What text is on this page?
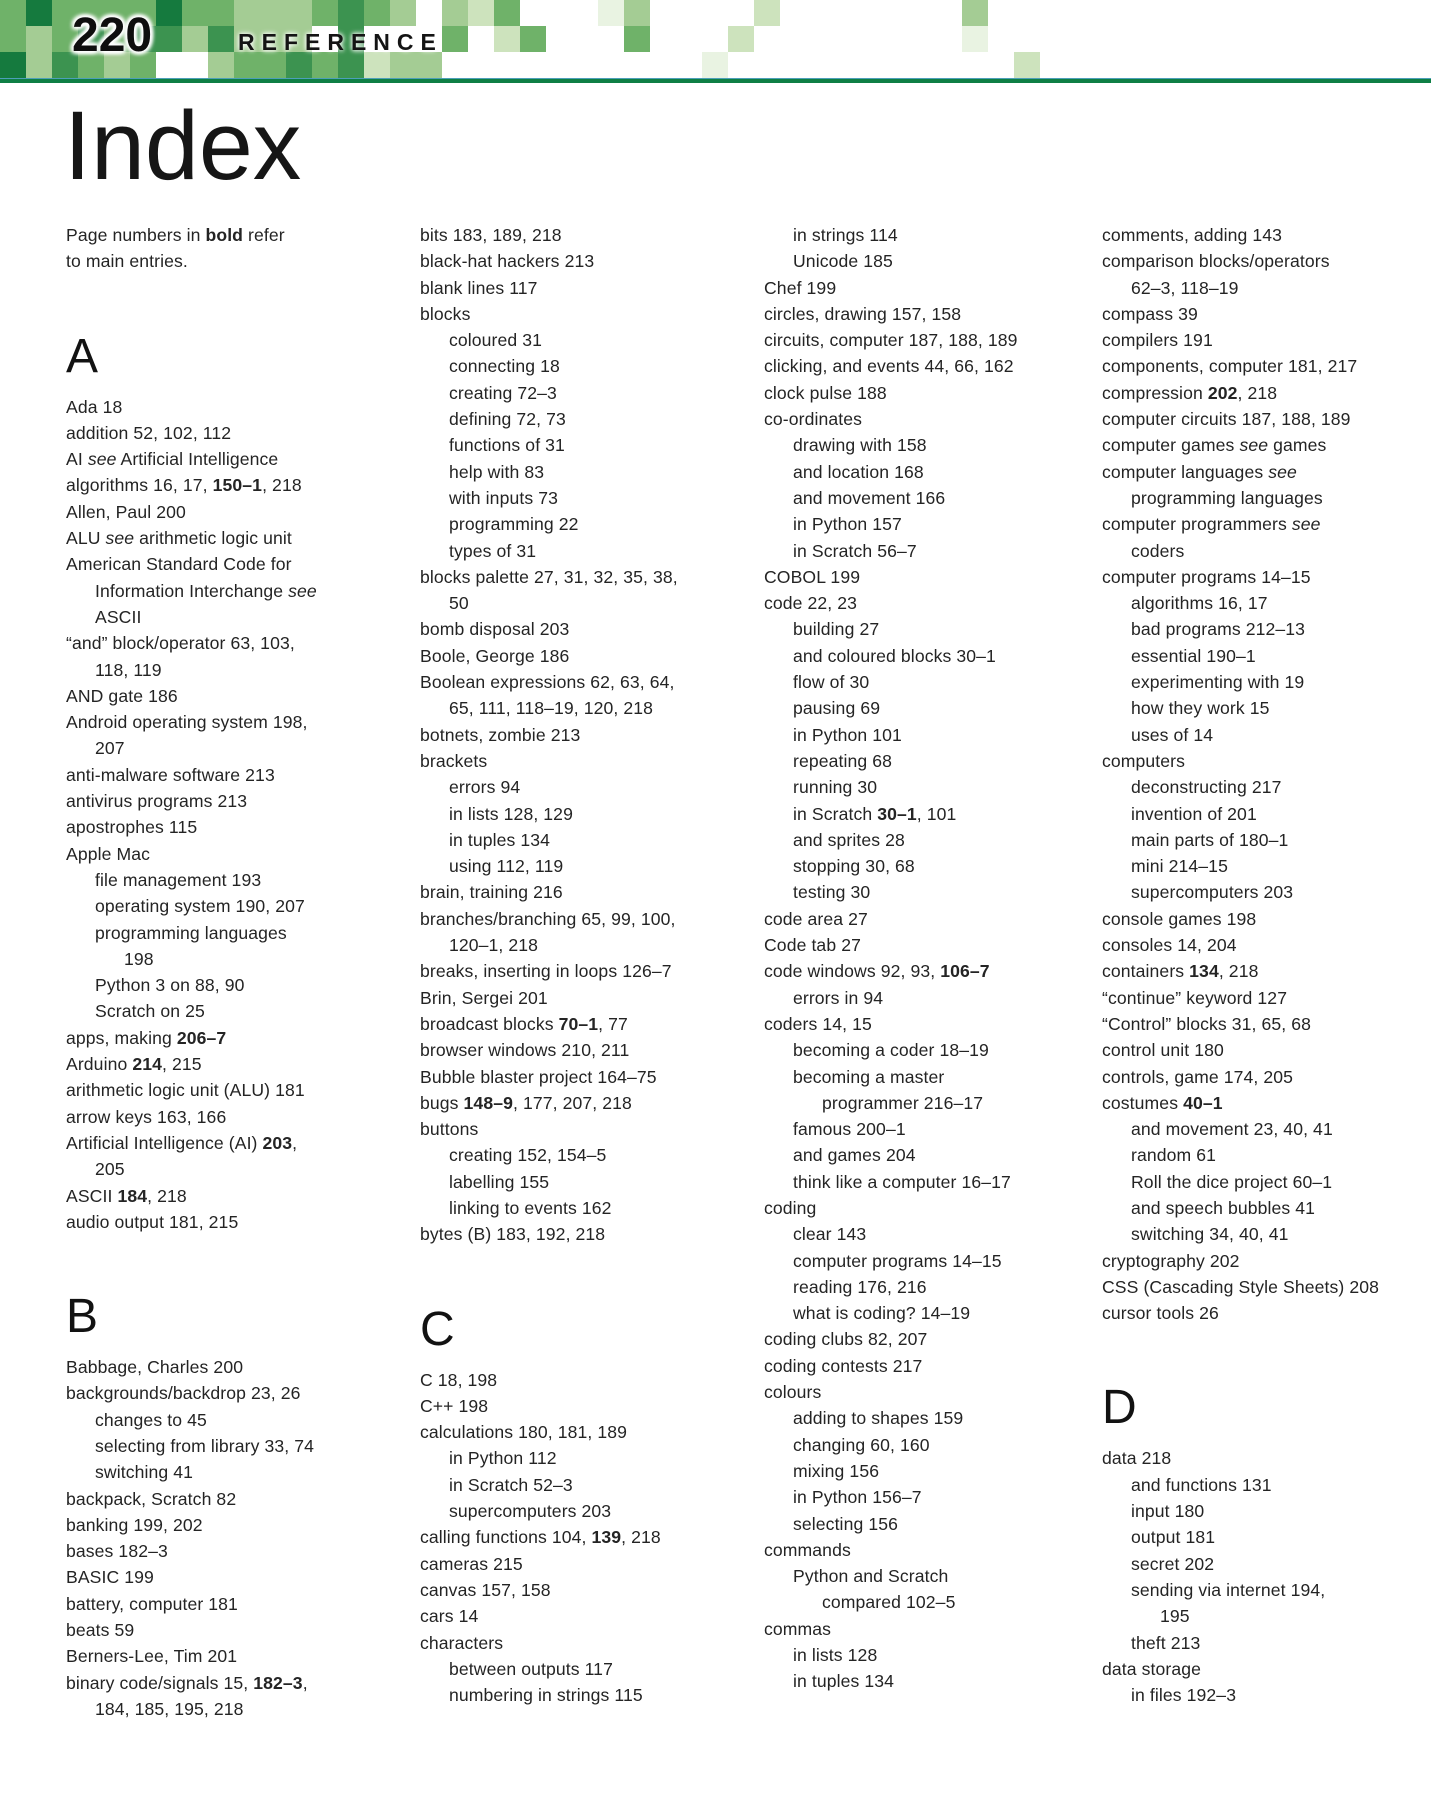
220	REFERENCE
Index
Page numbers in bold refer
to main entries.
A
Ada 18
addition 52, 102, 112
AI see Artificial Intelligence
algorithms 16, 17, 150–1, 218
Allen, Paul 200
ALU see arithmetic logic unit
American Standard Code for
Information Interchange see
ASCII
“and” block/operator 63, 103,
118, 119
AND gate 186
Android operating system 198,
207
anti-malware software 213
antivirus programs 213
apostrophes 115
Apple Mac
file management 193
operating system 190, 207
programming languages
198
Python 3 on 88, 90
Scratch on 25
apps, making 206–7
Arduino 214, 215
arithmetic logic unit (ALU) 181
arrow keys 163, 166
Artificial Intelligence (AI) 203,
205
ASCII 184, 218
audio output 181, 215
B
Babbage, Charles 200
backgrounds/backdrop 23, 26
changes to 45
selecting from library 33, 74
switching 41
backpack, Scratch 82
banking 199, 202
bases 182–3
BASIC 199
battery, computer 181
beats 59
Berners-Lee, Tim 201
binary code/signals 15, 182–3,
184, 185, 195, 218
bits 183, 189, 218
black-hat hackers 213
blank lines 117
blocks
coloured 31
connecting 18
creating 72–3
defining 72, 73
functions of 31
help with 83
with inputs 73
programming 22
types of 31
blocks palette 27, 31, 32, 35, 38,
50
bomb disposal 203
Boole, George 186
Boolean expressions 62, 63, 64,
65, 111, 118–19, 120, 218
botnets, zombie 213
brackets
errors 94
in lists 128, 129
in tuples 134
using 112, 119
brain, training 216
branches/branching 65, 99, 100,
120–1, 218
breaks, inserting in loops 126–7
Brin, Sergei 201
broadcast blocks 70–1, 77
browser windows 210, 211
Bubble blaster project 164–75
bugs 148–9, 177, 207, 218
buttons
creating 152, 154–5
labelling 155
linking to events 162
bytes (B) 183, 192, 218
C
C 18, 198
C++ 198
calculations 180, 181, 189
in Python 112
in Scratch 52–3
supercomputers 203
calling functions 104, 139, 218
cameras 215
canvas 157, 158
cars 14
characters
between outputs 117
numbering in strings 115
in strings 114
Unicode 185
Chef 199
circles, drawing 157, 158
circuits, computer 187, 188, 189
clicking, and events 44, 66, 162
clock pulse 188
co-ordinates
drawing with 158
and location 168
and movement 166
in Python 157
in Scratch 56–7
COBOL 199
code 22, 23
building 27
and coloured blocks 30–1
flow of 30
pausing 69
in Python 101
repeating 68
running 30
in Scratch 30–1, 101
and sprites 28
stopping 30, 68
testing 30
code area 27
Code tab 27
code windows 92, 93, 106–7
errors in 94
coders 14, 15
becoming a coder 18–19
becoming a master
programmer 216–17
famous 200–1
and games 204
think like a computer 16–17
coding
clear 143
computer programs 14–15
reading 176, 216
what is coding? 14–19
coding clubs 82, 207
coding contests 217
colours
adding to shapes 159
changing 60, 160
mixing 156
in Python 156–7
selecting 156
commands
Python and Scratch
compared 102–5
commas
in lists 128
in tuples 134
comments, adding 143
comparison blocks/operators
62–3, 118–19
compass 39
compilers 191
components, computer 181, 217
compression 202, 218
computer circuits 187, 188, 189
computer games see games
computer languages see
programming languages
computer programmers see
coders
computer programs 14–15
algorithms 16, 17
bad programs 212–13
essential 190–1
experimenting with 19
how they work 15
uses of 14
computers
deconstructing 217
invention of 201
main parts of 180–1
mini 214–15
supercomputers 203
console games 198
consoles 14, 204
containers 134, 218
“continue” keyword 127
“Control” blocks 31, 65, 68
control unit 180
controls, game 174, 205
costumes 40–1
and movement 23, 40, 41
random 61
Roll the dice project 60–1
and speech bubbles 41
switching 34, 40, 41
cryptography 202
CSS (Cascading Style Sheets) 208
cursor tools 26
D
data 218
and functions 131
input 180
output 181
secret 202
sending via internet 194,
195
theft 213
data storage
in files 192–3
